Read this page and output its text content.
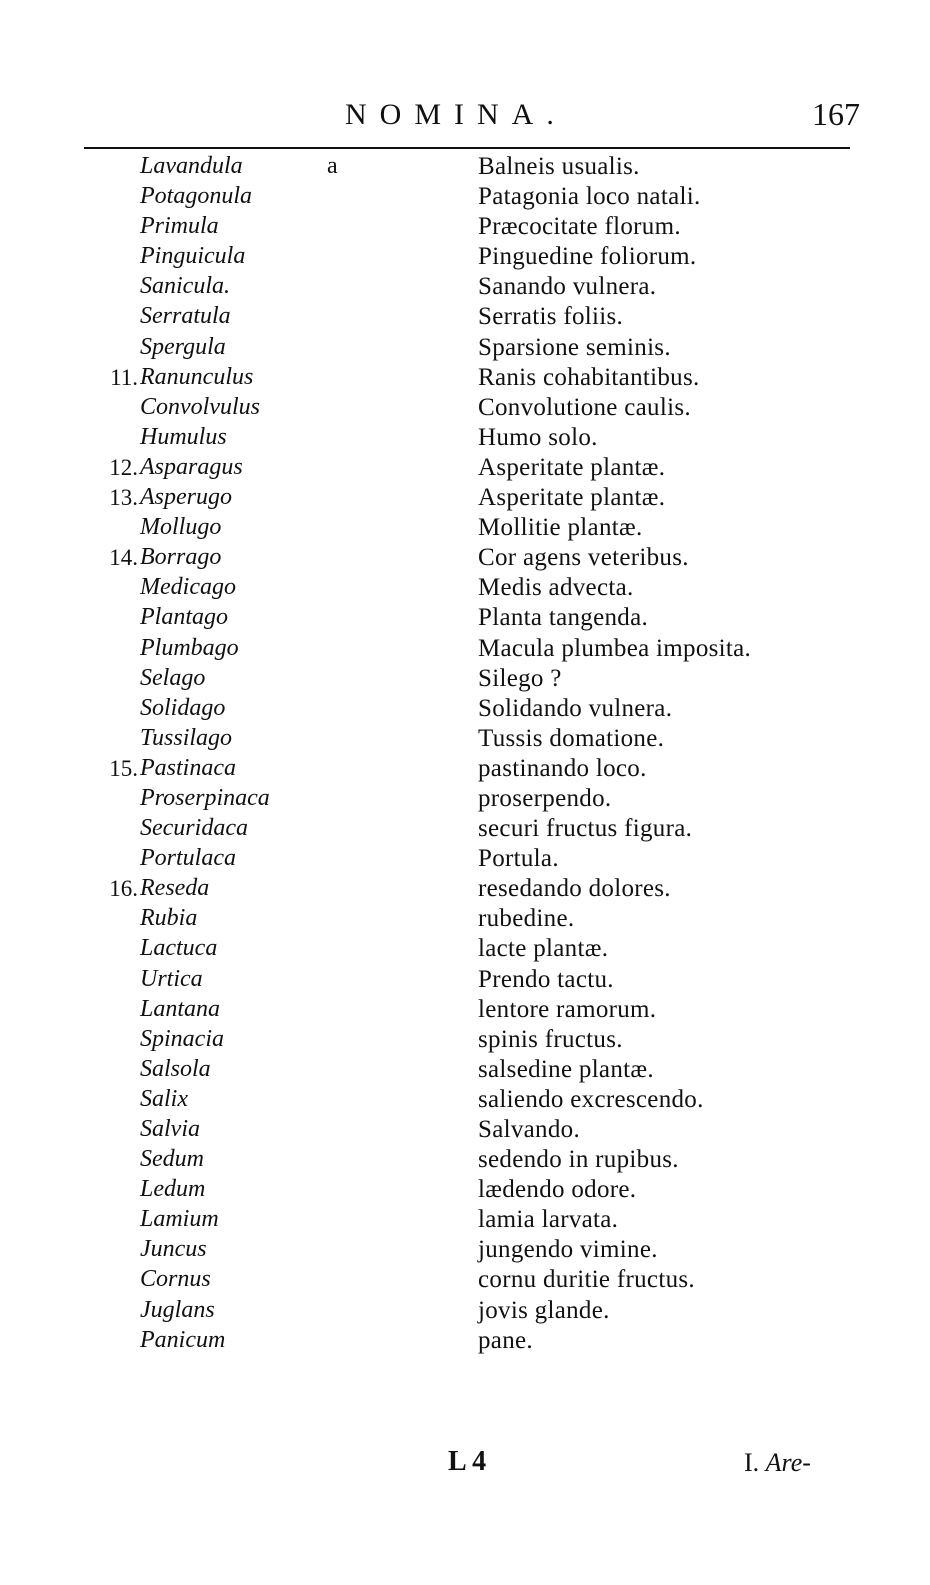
NOMINA.	167
Lavandula	a	Balneis usualis.
Potagonula	Patagonia loco natali.
Primula	Præcocitate florum.
Pinguicula	Pinguedine foliorum.
Sanicula.	Sanando vulnera.
Serratula	Serratis foliis.
Spergula	Sparsione seminis.
11. Ranunculus	Ranis cohabitantibus.
Convolvulus	Convolutione caulis.
Humulus	Humo solo.
12. Asparagus	Asperitate plantæ.
13. Asperugo	Asperitate plantæ.
Mollugo	Mollitie plantæ.
14. Borrago	Cor agens veteribus.
Medicago	Medis advecta.
Plantago	Planta tangenda.
Plumbago	Macula plumbea imposita.
Selago	Silego ?
Solidago	Solidando vulnera.
Tussilago	Tussis domatione.
15. Pastinaca	pastinando loco.
Proserpinaca	proserpendo.
Securidaca	securi fructus figura.
Portulaca	Portula.
16. Reseda	resedando dolores.
Rubia	rubedine.
Lactuca	lacte plantæ.
Urtica	Prendo tactu.
Lantana	lentore ramorum.
Spinacia	spinis fructus.
Salsola	salsedine plantæ.
Salix	saliendo excrescendo.
Salvia	Salvando.
Sedum	sedendo in rupibus.
Ledum	lædendo odore.
Lamium	lamia larvata.
Juncus	jungendo vimine.
Cornus	cornu duritie fructus.
Juglans	jovis glande.
Panicum	pane.
L 4	I. Are-
